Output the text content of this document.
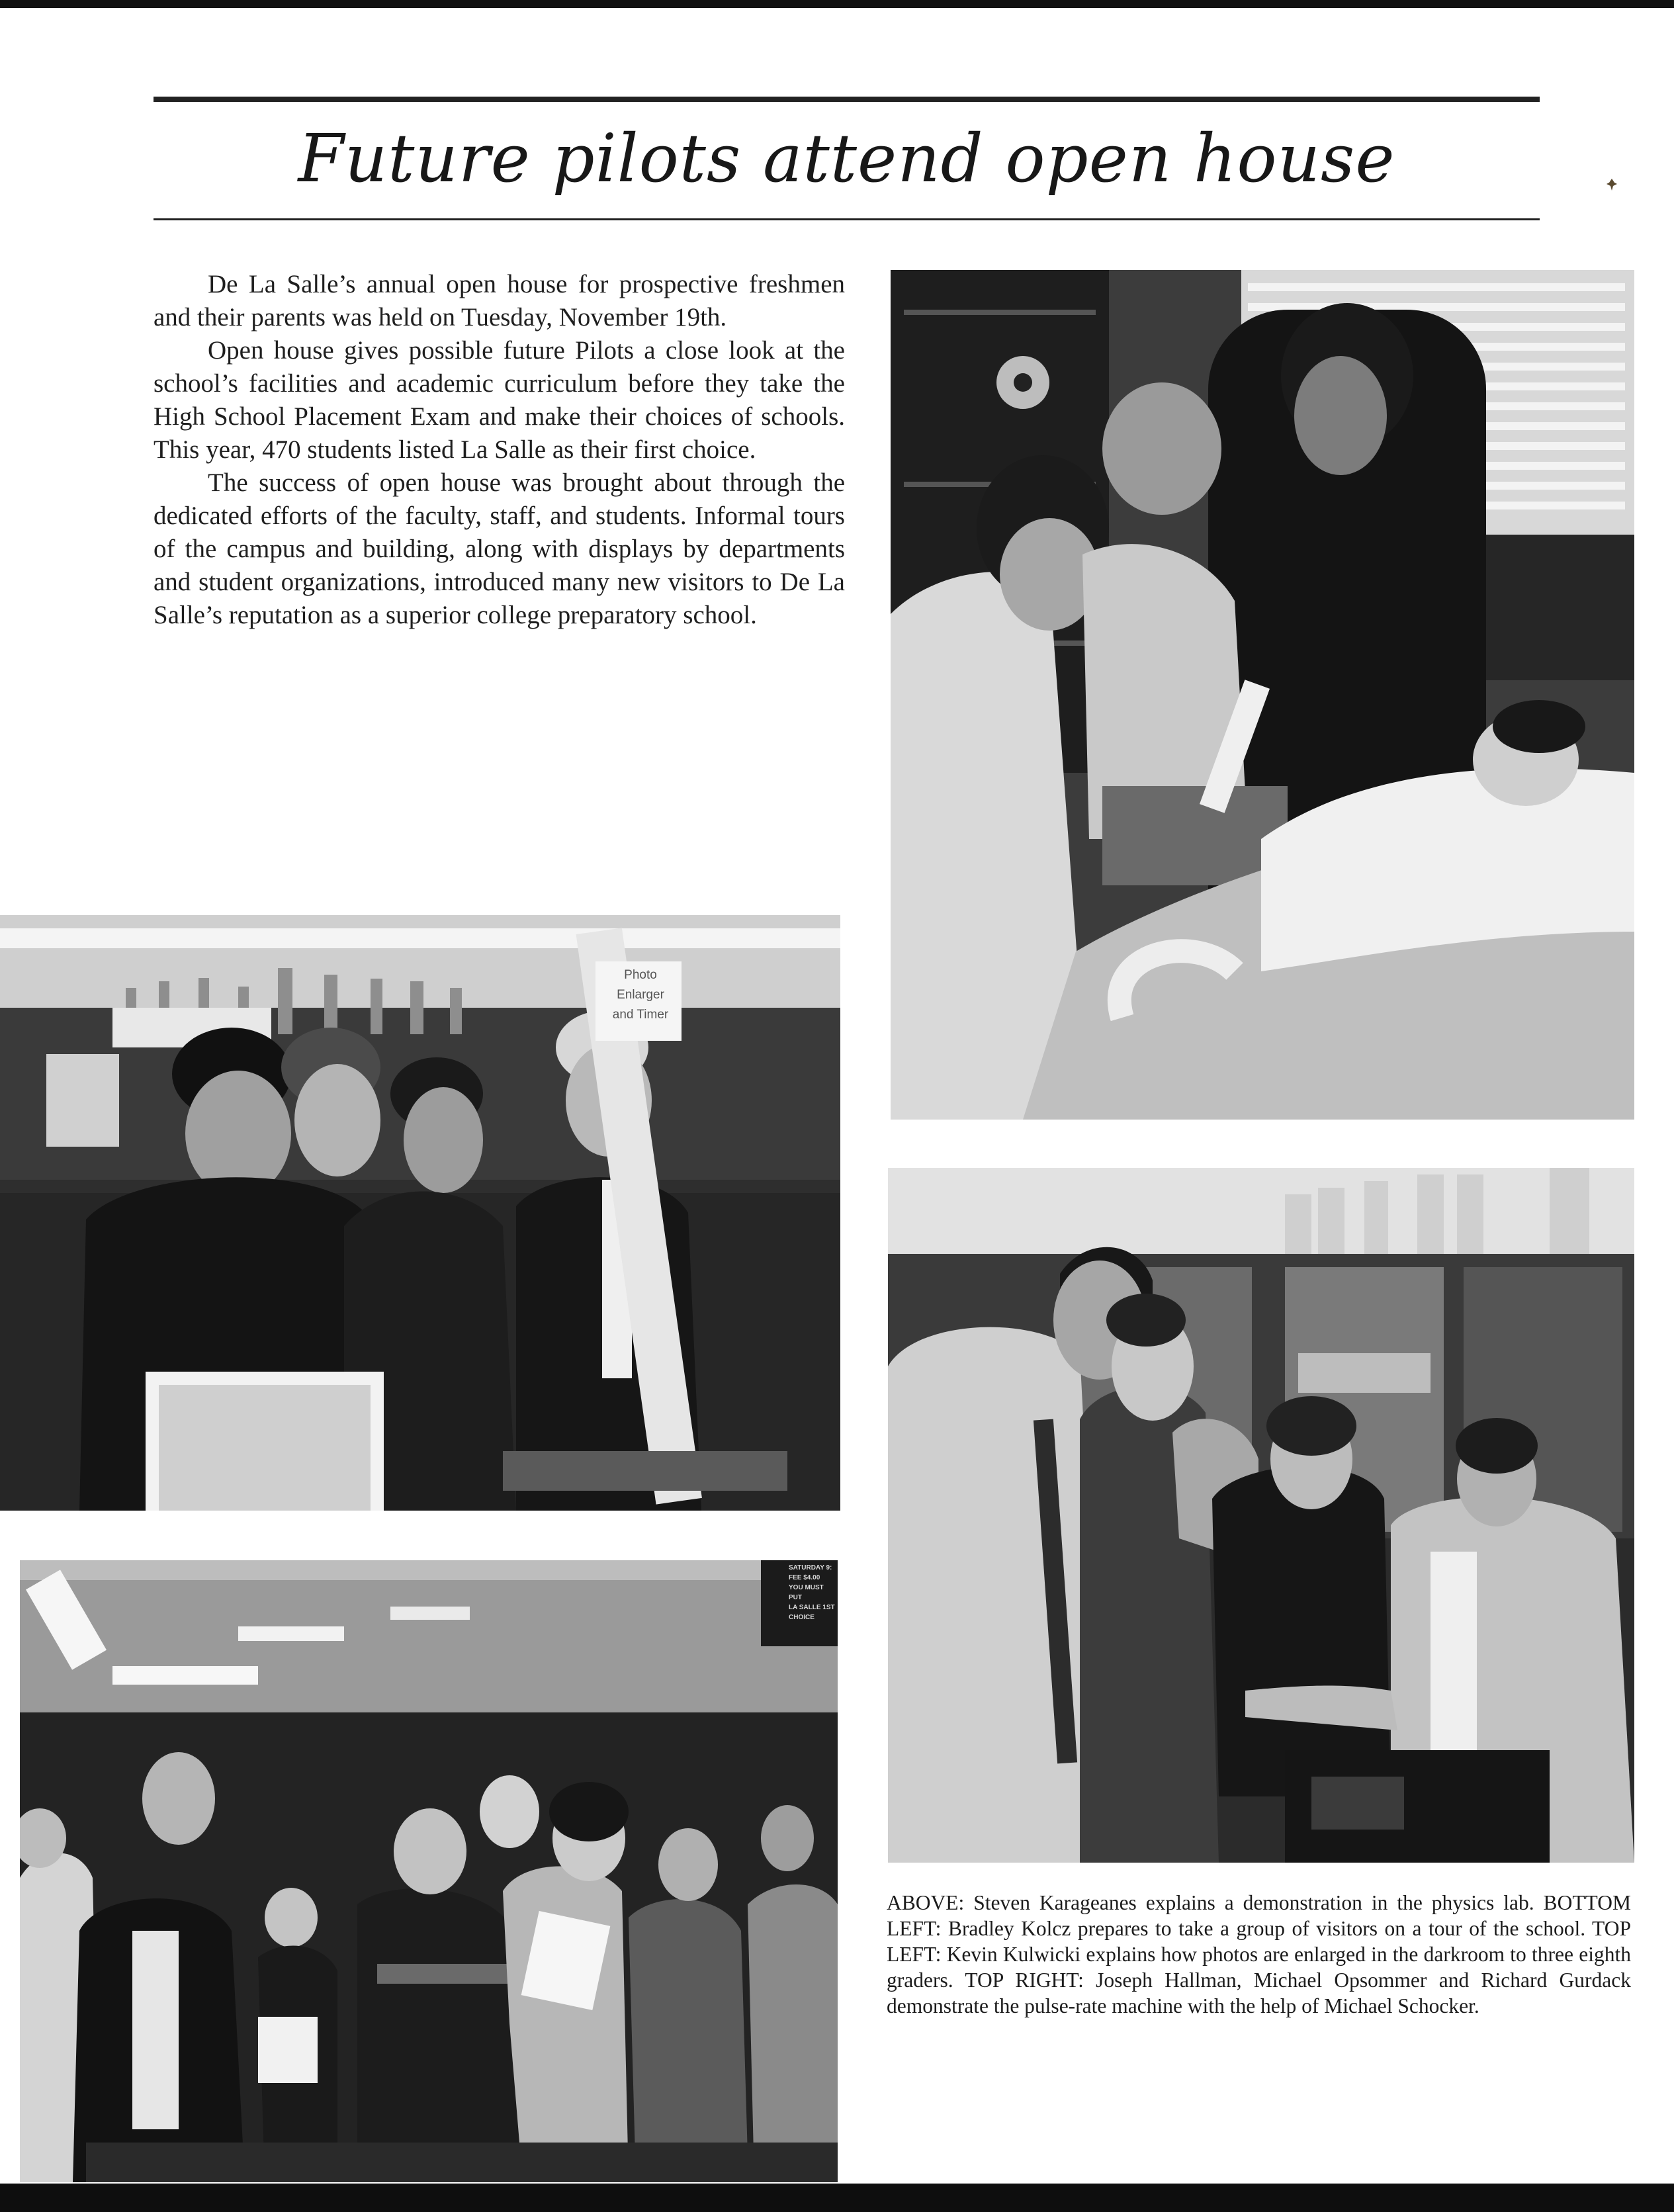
Future pilots attend open house

De La Salle’s annual open house for prospective freshmen and their parents was held on Tuesday, November 19th.

Open house gives possible future Pilots a close look at the school’s facilities and academic curriculum before they take the High School Placement Exam and make their choices of schools. This year, 470 students listed La Salle as their first choice.

The success of open house was brought about through the dedicated efforts of the faculty, staff, and students. Informal tours of the campus and building, along with displays by departments and student organizations, introduced many new visitors to De La Salle’s reputation as a superior college preparatory school.

Photo
Enlarger
and Timer
SATURDAY 9:
FEE $4.00
YOU MUST PUT
LA SALLE 1ST CHOICE

ABOVE: Steven Karageanes explains a demonstration in the physics lab. BOTTOM LEFT: Bradley Kolcz prepares to take a group of visitors on a tour of the school. TOP LEFT: Kevin Kulwicki explains how photos are enlarged in the darkroom to three eighth graders. TOP RIGHT: Joseph Hallman, Michael Opsommer and Richard Gurdack demonstrate the pulse-rate machine with the help of Michael Schocker.
